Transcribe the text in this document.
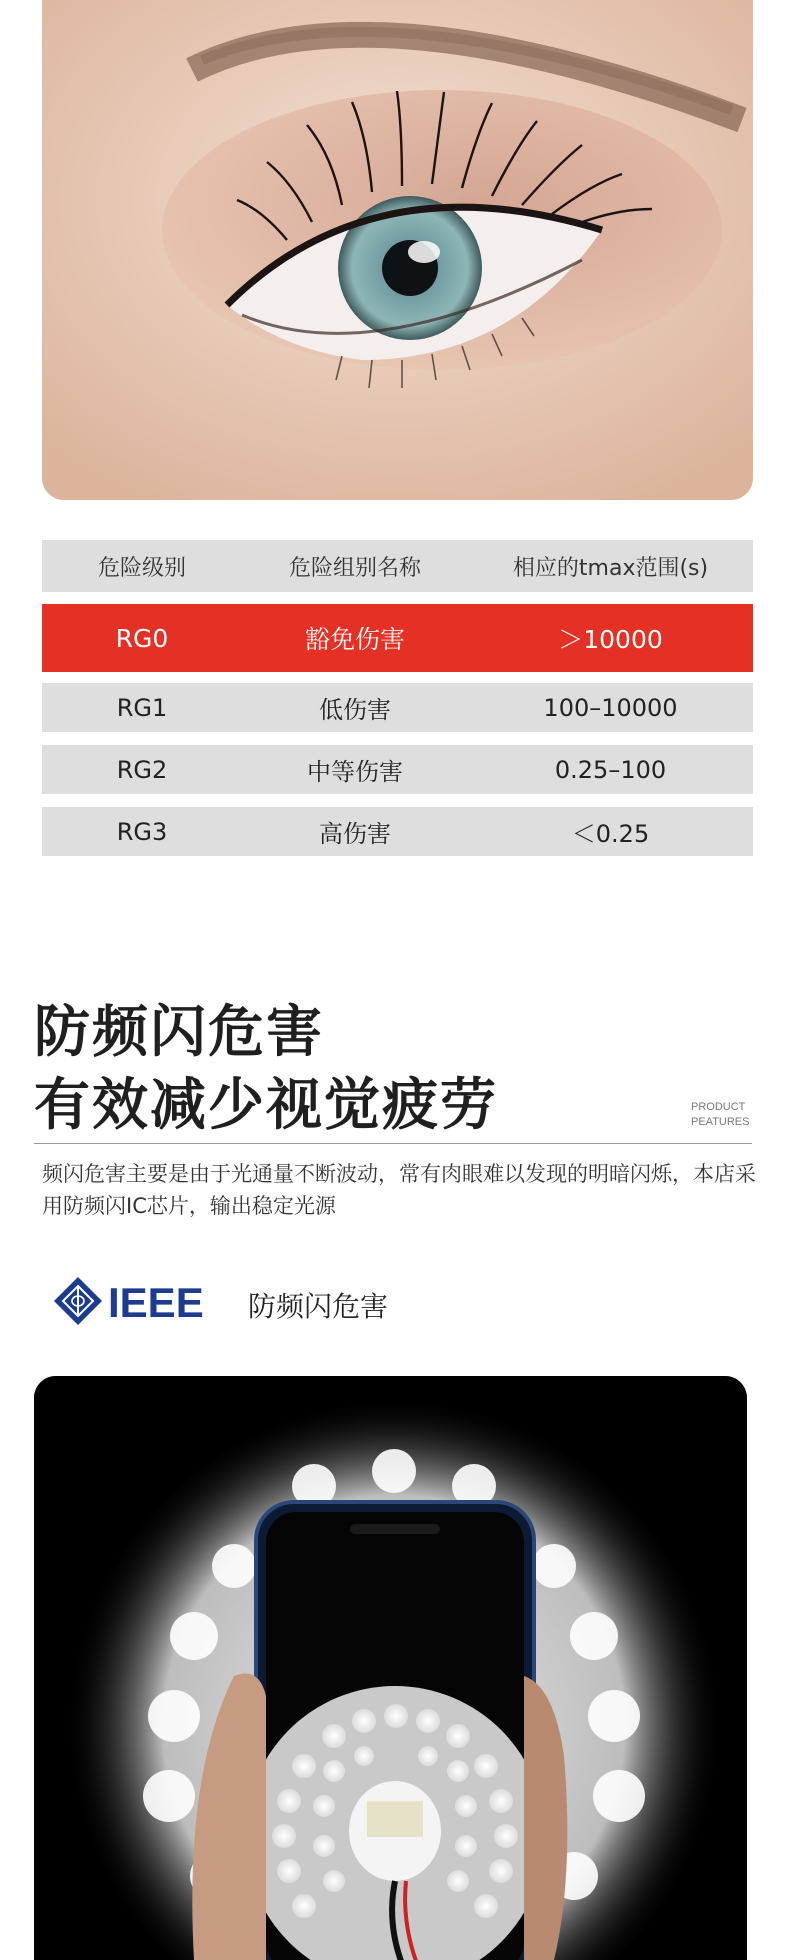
危险级别	危险组别名称	相应的tmax范围(s)
RG0	豁免伤害	＞10000
RG1	低伤害	100–10000
RG2	中等伤害	0.25–100
RG3	高伤害	＜0.25
防频闪危害
有效减少视觉疲劳	PRODUCT
PEATURES
频闪危害主要是由于光通量不断波动，常有肉眼难以发现的明暗闪烁，本店采用防频闪IC芯片，输出稳定光源
IEEE 防频闪危害
